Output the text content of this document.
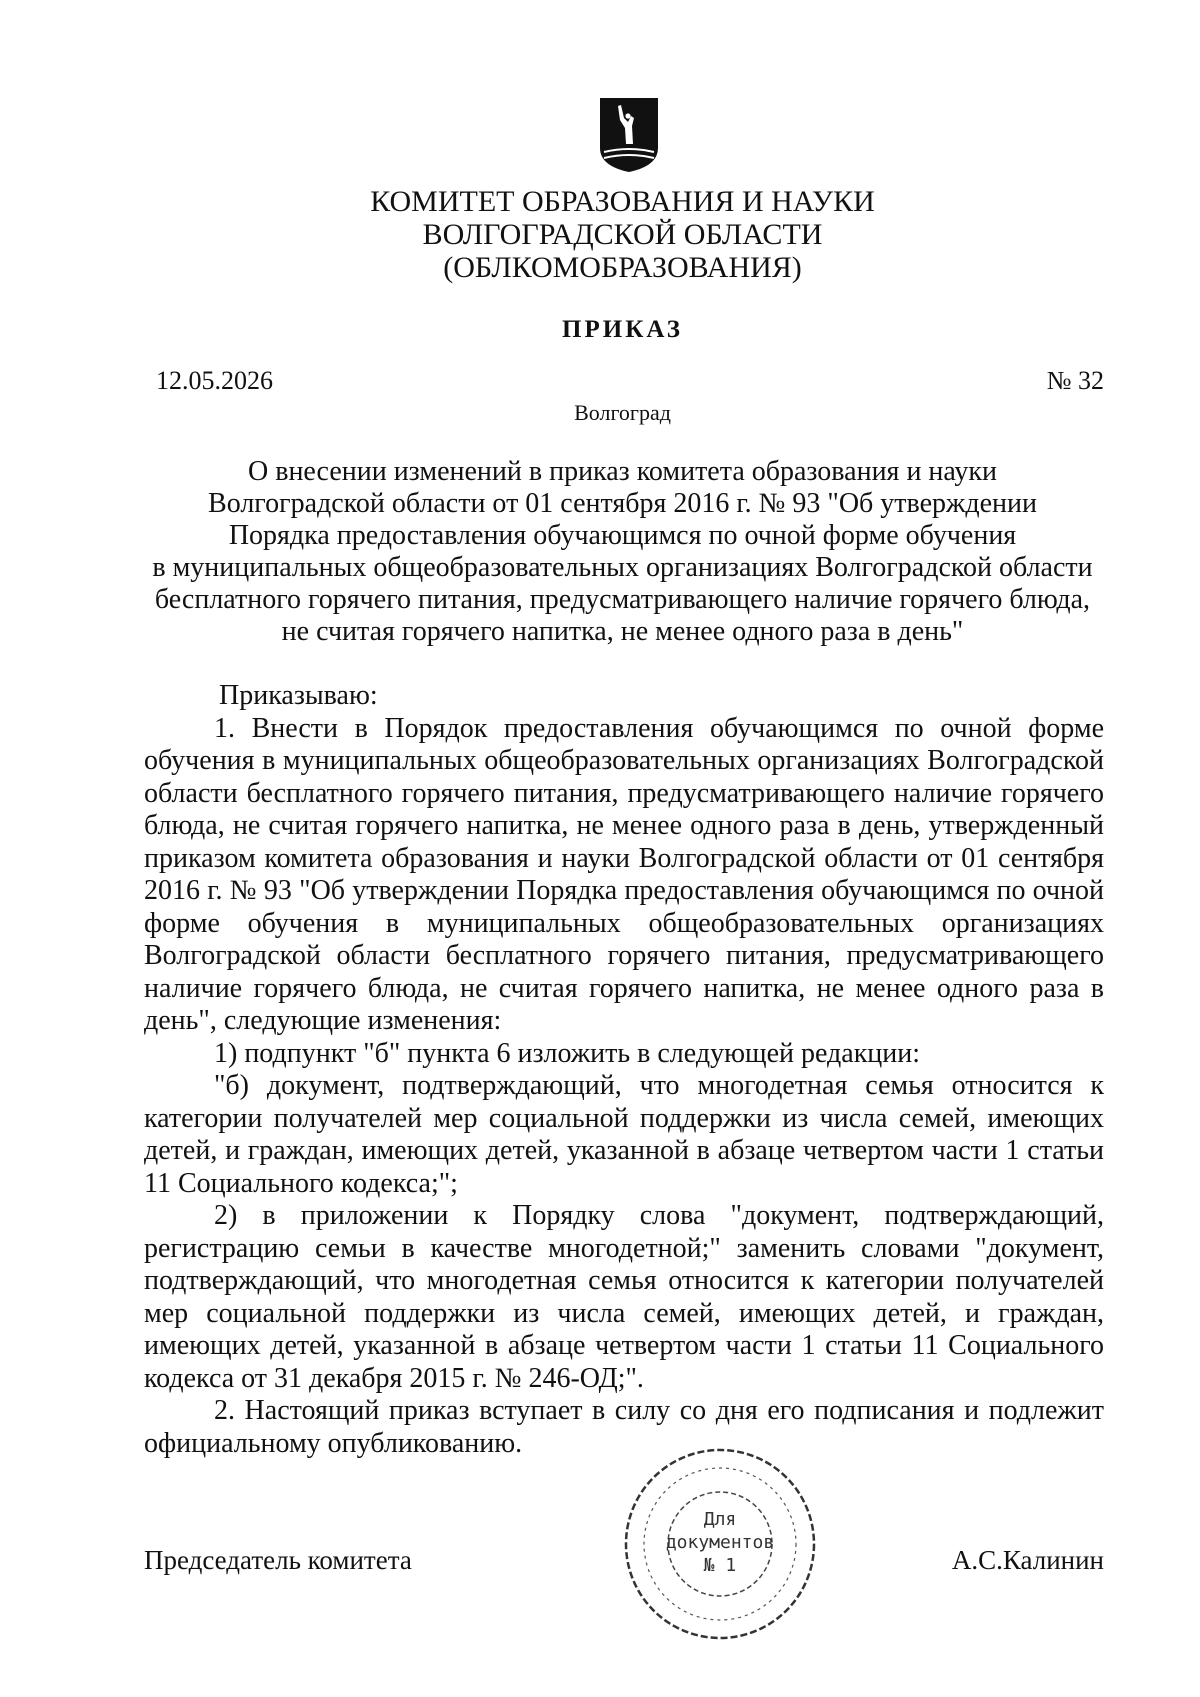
КОМИТЕТ ОБРАЗОВАНИЯ И НАУКИ
ВОЛГОГРАДСКОЙ ОБЛАСТИ
(ОБЛКОМОБРАЗОВАНИЯ)
ПРИКАЗ
12.05.2026	№ 32
Волгоград
О внесении изменений в приказ комитета образования и науки
Волгоградской области от 01 сентября 2016 г. № 93 "Об утверждении
Порядка предоставления обучающимся по очной форме обучения
в муниципальных общеобразовательных организациях Волгоградской области
бесплатного горячего питания, предусматривающего наличие горячего блюда,
не считая горячего напитка, не менее одного раза в день"

Приказываю:

1. Внести в Порядок предоставления обучающимся по очной форме обучения в муниципальных общеобразовательных организациях Волгоградской области бесплатного горячего питания, предусматривающего наличие горячего блюда, не считая горячего напитка, не менее одного раза в день, утвержденный приказом комитета образования и науки Волгоградской области от 01 сентября 2016 г. № 93 "Об утверждении Порядка предоставления обучающимся по очной форме обучения в муниципальных общеобразовательных организациях Волгоградской области бесплатного горячего питания, предусматривающего наличие горячего блюда, не считая горячего напитка, не менее одного раза в день", следующие изменения:

1) подпункт "б" пункта 6 изложить в следующей редакции:

"б) документ, подтверждающий, что многодетная семья относится к категории получателей мер социальной поддержки из числа семей, имеющих детей, и граждан, имеющих детей, указанной в абзаце четвертом части 1 статьи 11 Социального кодекса;";

2) в приложении к Порядку слова "документ, подтверждающий, регистрацию семьи в качестве многодетной;" заменить словами "документ, подтверждающий, что многодетная семья относится к категории получателей мер социальной поддержки из числа семей, имеющих детей, и граждан, имеющих детей, указанной в абзаце четвертом части 1 статьи 11 Социального кодекса от 31 декабря 2015 г. № 246-ОД;".

2. Настоящий приказ вступает в силу со дня его подписания и подлежит официальному опубликованию.

Председатель комитета
Для
документов
№ 1	А.С.Калинин
